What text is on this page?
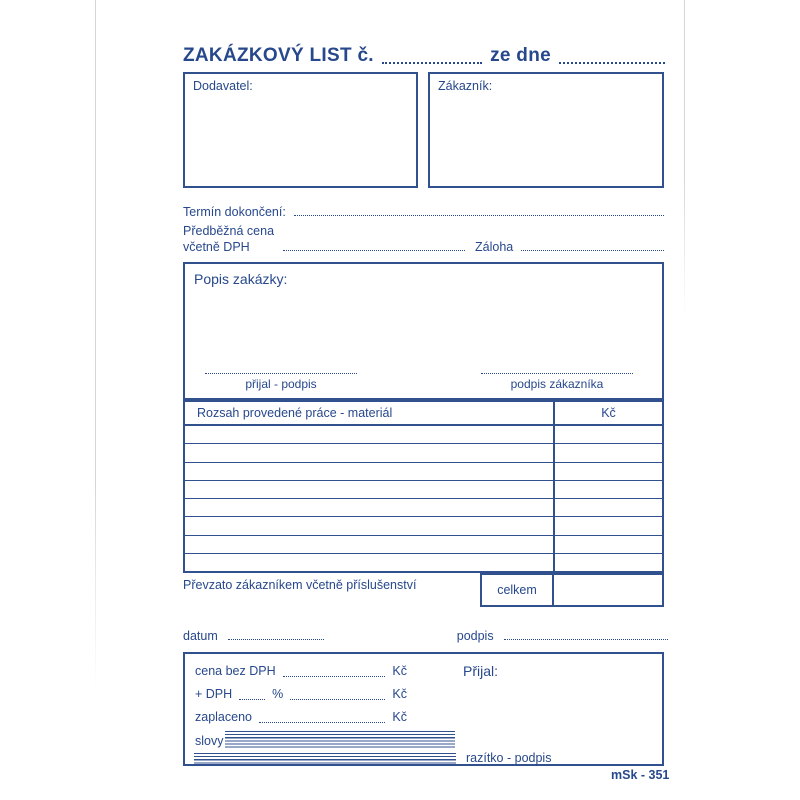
ZAKÁZKOVÝ LIST č.	ze dne
Dodavatel:	Zákazník:
Termín dokončení:
Předběžná cena
včetně DPH	Záloha
Popis zakázky:
přijal - podpis	podpis zákazníka
Rozsah provedené práce - materiál	Kč
Převzato zákazníkem včetně příslušenství	celkem
datum	podpis
cena bez DPH	Kč
+ DPH	%	Kč
zaplaceno	Kč
slovy
Přijal:
razítko - podpis
mSk - 351
